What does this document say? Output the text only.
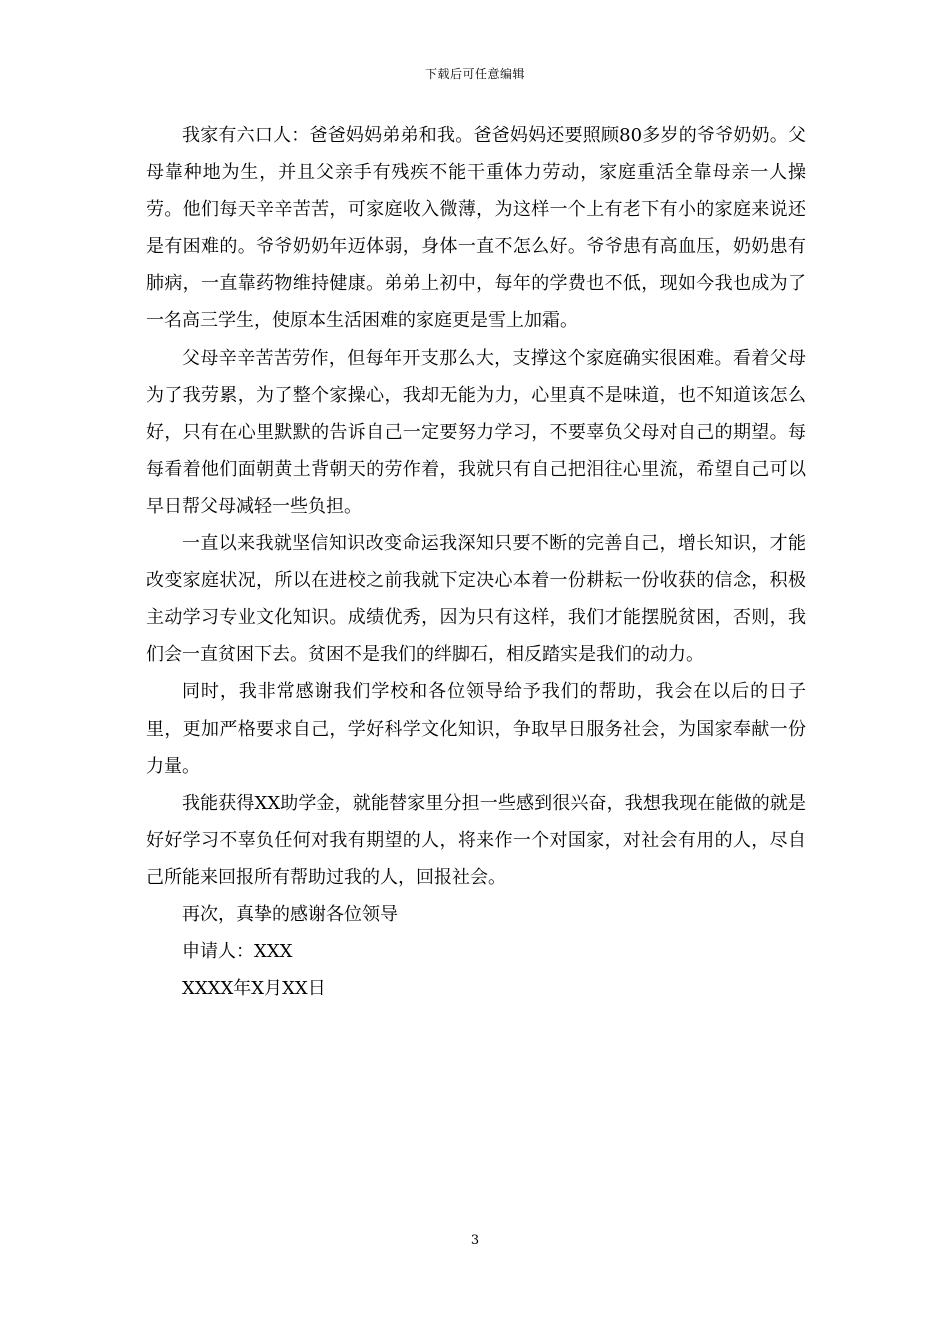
下载后可任意编辑

我家有六口人：爸爸妈妈弟弟和我。爸爸妈妈还要照顾80多岁的爷爷奶奶。父母靠种地为生，并且父亲手有残疾不能干重体力劳动，家庭重活全靠母亲一人操劳。他们每天辛辛苦苦，可家庭收入微薄，为这样一个上有老下有小的家庭来说还是有困难的。爷爷奶奶年迈体弱，身体一直不怎么好。爷爷患有高血压，奶奶患有肺病，一直靠药物维持健康。弟弟上初中，每年的学费也不低，现如今我也成为了一名高三学生，使原本生活困难的家庭更是雪上加霜。

父母辛辛苦苦劳作，但每年开支那么大，支撑这个家庭确实很困难。看着父母为了我劳累，为了整个家操心，我却无能为力，心里真不是味道，也不知道该怎么好，只有在心里默默的告诉自己一定要努力学习，不要辜负父母对自己的期望。每每看着他们面朝黄土背朝天的劳作着，我就只有自己把泪往心里流，希望自己可以早日帮父母减轻一些负担。

一直以来我就坚信知识改变命运我深知只要不断的完善自己，增长知识，才能改变家庭状况，所以在进校之前我就下定决心本着一份耕耘一份收获的信念，积极主动学习专业文化知识。成绩优秀，因为只有这样，我们才能摆脱贫困，否则，我们会一直贫困下去。贫困不是我们的绊脚石，相反踏实是我们的动力。

同时，我非常感谢我们学校和各位领导给予我们的帮助，我会在以后的日子里，更加严格要求自己，学好科学文化知识，争取早日服务社会，为国家奉献一份力量。

我能获得XX助学金，就能替家里分担一些感到很兴奋，我想我现在能做的就是好好学习不辜负任何对我有期望的人，将来作一个对国家，对社会有用的人，尽自己所能来回报所有帮助过我的人，回报社会。

再次，真挚的感谢各位领导

申请人：XXX

XXXX年X月XX日

3
